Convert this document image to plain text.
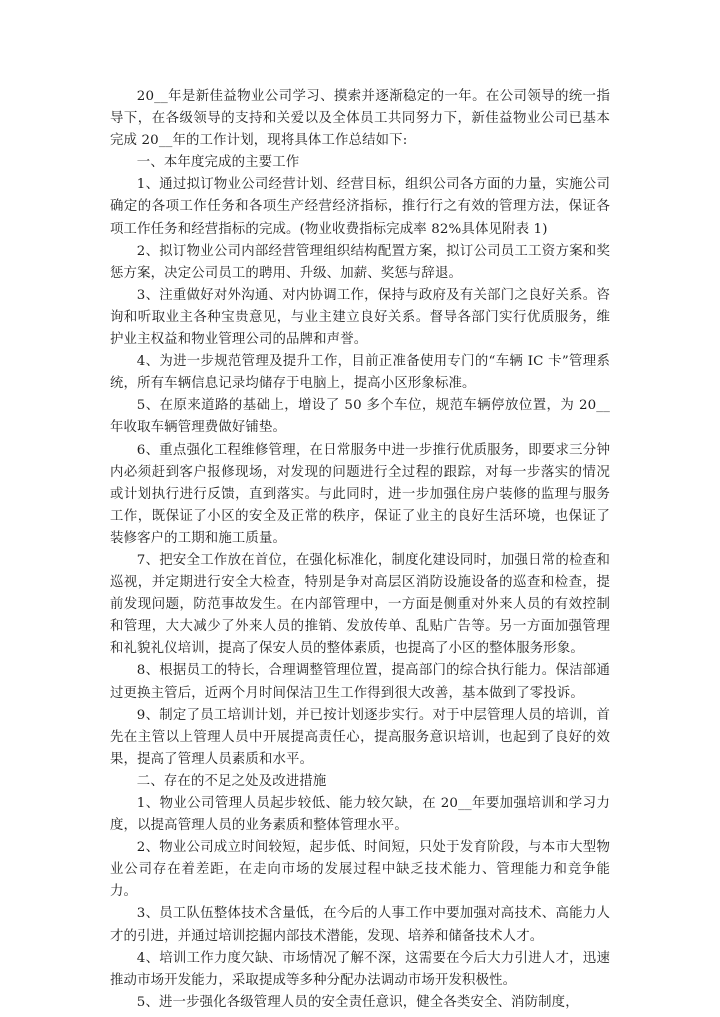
20__年是新佳益物业公司学习、摸索并逐渐稳定的一年。在公司领导的统一指导下，在各级领导的支持和关爱以及全体员工共同努力下，新佳益物业公司已基本完成 20__年的工作计划，现将具体工作总结如下:

一、本年度完成的主要工作

1、通过拟订物业公司经营计划、经营目标，组织公司各方面的力量，实施公司确定的各项工作任务和各项生产经营经济指标，推行行之有效的管理方法，保证各项工作任务和经营指标的完成。(物业收费指标完成率 82%具体见附表 1)

2、拟订物业公司内部经营管理组织结构配置方案，拟订公司员工工资方案和奖惩方案，决定公司员工的聘用、升级、加薪、奖惩与辞退。

3、注重做好对外沟通、对内协调工作，保持与政府及有关部门之良好关系。咨询和听取业主各种宝贵意见，与业主建立良好关系。督导各部门实行优质服务，维护业主权益和物业管理公司的品牌和声誉。

4、为进一步规范管理及提升工作，目前正准备使用专门的“车辆 IC 卡”管理系统，所有车辆信息记录均储存于电脑上，提高小区形象标准。

5、在原来道路的基础上，增设了 50 多个车位，规范车辆停放位置，为 20__年收取车辆管理费做好铺垫。

6、重点强化工程维修管理，在日常服务中进一步推行优质服务，即要求三分钟内必须赶到客户报修现场，对发现的问题进行全过程的跟踪，对每一步落实的情况或计划执行进行反馈，直到落实。与此同时，进一步加强住房户装修的监理与服务工作，既保证了小区的安全及正常的秩序，保证了业主的良好生活环境，也保证了装修客户的工期和施工质量。

7、把安全工作放在首位，在强化标准化，制度化建设同时，加强日常的检查和巡视，并定期进行安全大检查，特别是争对高层区消防设施设备的巡查和检查，提前发现问题，防范事故发生。在内部管理中，一方面是侧重对外来人员的有效控制和管理，大大减少了外来人员的推销、发放传单、乱贴广告等。另一方面加强管理和礼貌礼仪培训，提高了保安人员的整体素质，也提高了小区的整体服务形象。

8、根据员工的特长，合理调整管理位置，提高部门的综合执行能力。保洁部通过更换主管后，近两个月时间保洁卫生工作得到很大改善，基本做到了零投诉。

9、制定了员工培训计划，并已按计划逐步实行。对于中层管理人员的培训，首先在主管以上管理人员中开展提高责任心，提高服务意识培训，也起到了良好的效果，提高了管理人员素质和水平。

二、存在的不足之处及改进措施

1、物业公司管理人员起步较低、能力较欠缺，在 20__年要加强培训和学习力度，以提高管理人员的业务素质和整体管理水平。

2、物业公司成立时间较短，起步低、时间短，只处于发育阶段，与本市大型物业公司存在着差距，在走向市场的发展过程中缺乏技术能力、管理能力和竞争能力。

3、员工队伍整体技术含量低，在今后的人事工作中要加强对高技术、高能力人才的引进，并通过培训挖掘内部技术潜能，发现、培养和储备技术人才。

4、培训工作力度欠缺、市场情况了解不深，这需要在今后大力引进人才，迅速推动市场开发能力，采取提成等多种分配办法调动市场开发积极性。

5、进一步强化各级管理人员的安全责任意识，健全各类安全、消防制度，
